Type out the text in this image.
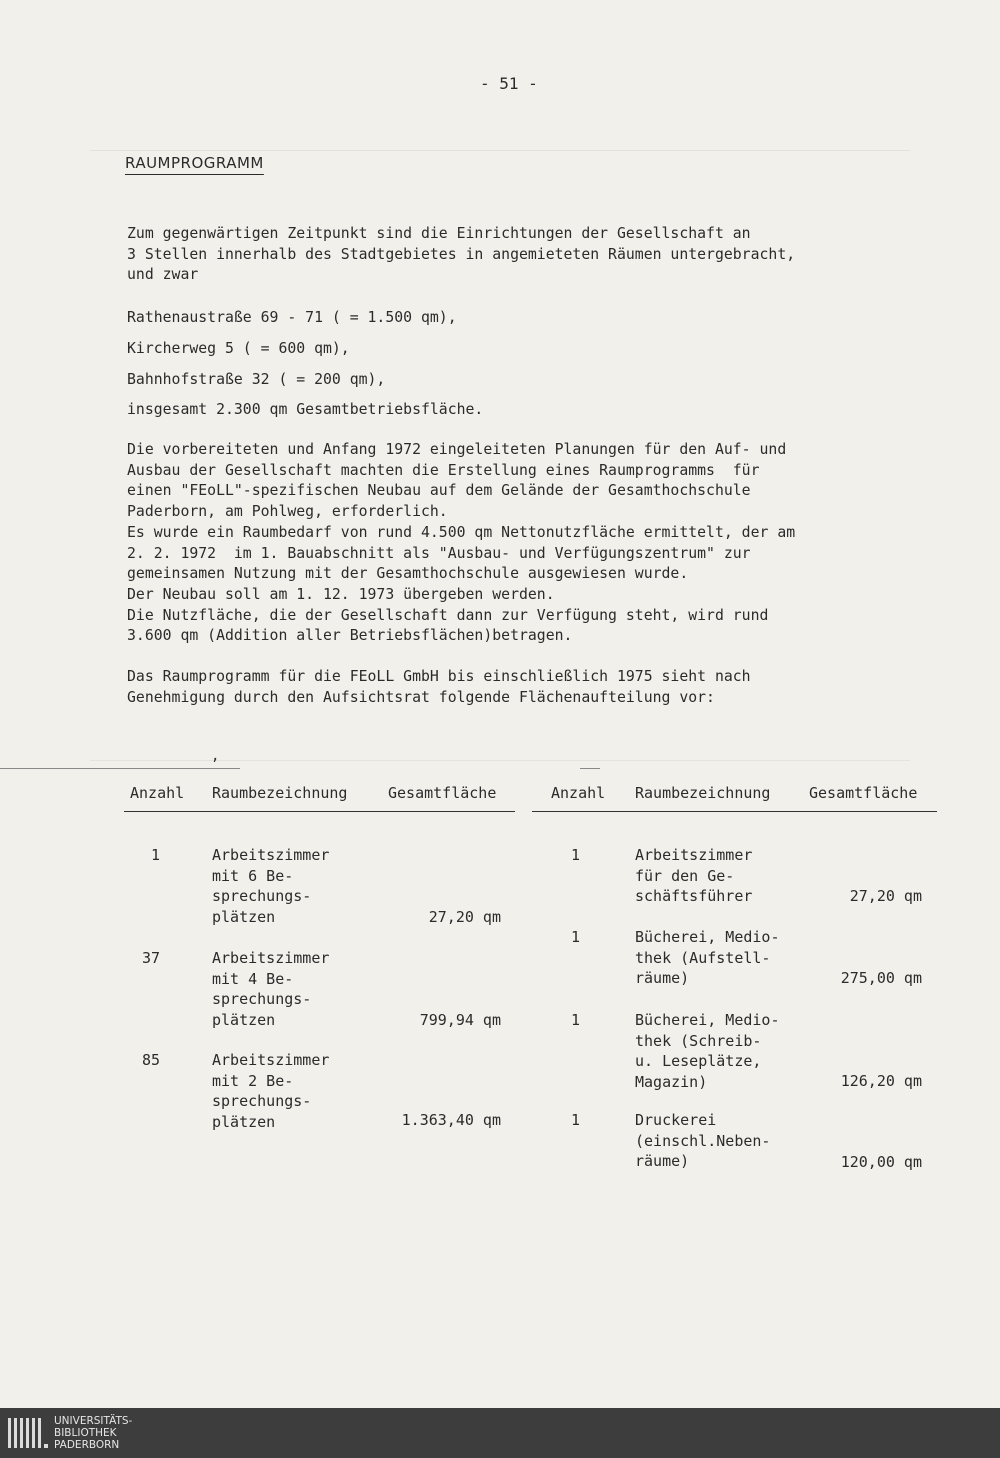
- 51 -
RAUMPROGRAMM
Zum gegenwärtigen Zeitpunkt sind die Einrichtungen der Gesellschaft an
3 Stellen innerhalb des Stadtgebietes in angemieteten Räumen untergebracht,
und zwar
Rathenaustraße 69 - 71 ( = 1.500 qm),
Kircherweg 5 ( = 600 qm),
Bahnhofstraße 32 ( = 200 qm),
insgesamt 2.300 qm Gesamtbetriebsfläche.
Die vorbereiteten und Anfang 1972 eingeleiteten Planungen für den Auf- und
Ausbau der Gesellschaft machten die Erstellung eines Raumprogramms  für
einen "FEoLL"-spezifischen Neubau auf dem Gelände der Gesamthochschule
Paderborn, am Pohlweg, erforderlich.
Es wurde ein Raumbedarf von rund 4.500 qm Nettonutzfläche ermittelt, der am
2. 2. 1972  im 1. Bauabschnitt als "Ausbau- und Verfügungszentrum" zur
gemeinsamen Nutzung mit der Gesamthochschule ausgewiesen wurde.
Der Neubau soll am 1. 12. 1973 übergeben werden.
Die Nutzfläche, die der Gesellschaft dann zur Verfügung steht, wird rund
3.600 qm (Addition aller Betriebsflächen)betragen.
Das Raumprogramm für die FEoLL GmbH bis einschließlich 1975 sieht nach
Genehmigung durch den Aufsichtsrat folgende Flächenaufteilung vor:
,
Anzahl Raumbezeichnung	Gesamtfläche	Anzahl Raumbezeichnung	Gesamtfläche
1	Arbeitszimmer
mit 6 Be-
sprechungs-
plätzen	27,20 qm
37	Arbeitszimmer
mit 4 Be-
sprechungs-
plätzen	799,94 qm
85	Arbeitszimmer
mit 2 Be-
sprechungs-
plätzen	1.363,40 qm
1	Arbeitszimmer
für den Ge-
schäftsführer	27,20 qm
1	Bücherei, Medio-
thek (Aufstell-
räume)	275,00 qm
1	Bücherei, Medio-
thek (Schreib-
u. Leseplätze,
Magazin)	126,20 qm
1	Druckerei
(einschl.Neben-
räume)	120,00 qm
UNIVERSITÄTS-
BIBLIOTHEK
PADERBORN
